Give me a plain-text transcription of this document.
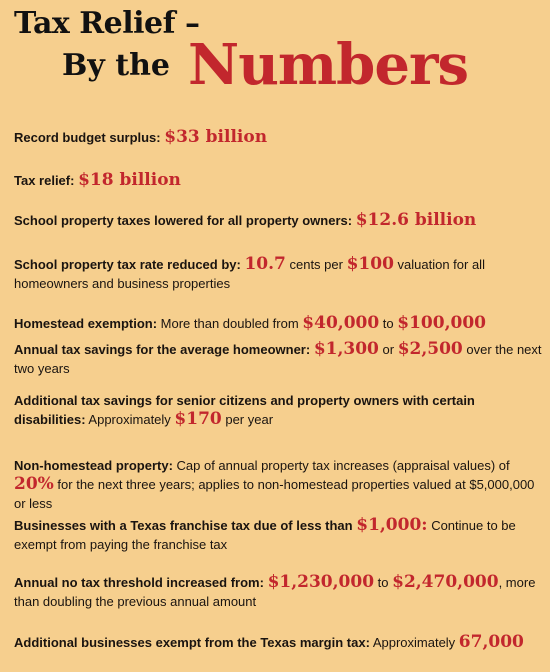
Tax Relief –
By the Numbers
Record budget surplus: $33 billion
Tax relief: $18 billion
School property taxes lowered for all property owners: $12.6 billion
School property tax rate reduced by: 10.7 cents per $100 valuation for all homeowners and business properties
Homestead exemption: More than doubled from $40,000 to $100,000
Annual tax savings for the average homeowner: $1,300 or $2,500 over the next two years
Additional tax savings for senior citizens and property owners with certain disabilities: Approximately $170 per year
Non-homestead property: Cap of annual property tax increases (appraisal values) of 20% for the next three years; applies to non-homestead properties valued at $5,000,000 or less
Businesses with a Texas franchise tax due of less than $1,000: Continue to be exempt from paying the franchise tax
Annual no tax threshold increased from: $1,230,000 to $2,470,000, more than doubling the previous annual amount
Additional businesses exempt from the Texas margin tax: Approximately 67,000
